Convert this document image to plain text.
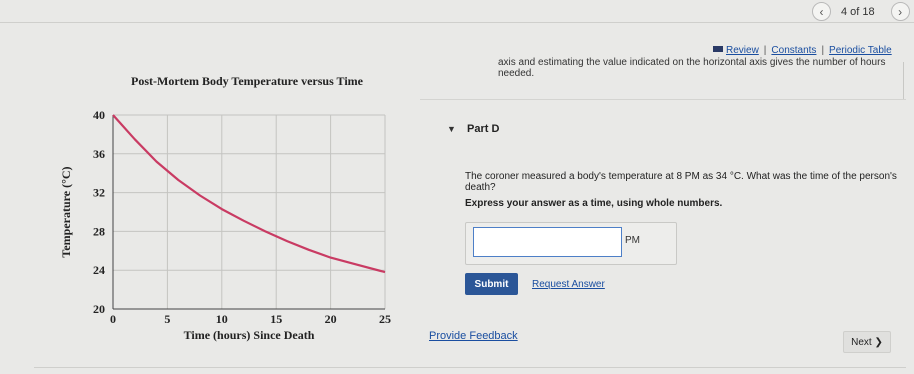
‹ 4 of 18 ›
Review | Constants | Periodic Table
axis and estimating the value indicated on the horizontal axis gives the number of hours needed.
Post-Mortem Body Temperature versus Time
20
24
28
32
36
40
0	5	10	15	20	25
Time (hours) Since Death
Temperature (°C)
▼ Part D
The coroner measured a body's temperature at 8 PM as 34 °C. What was the time of the person's death?
Express your answer as a time, using whole numbers.
PM
Submit	Request Answer
Provide Feedback	Next ❯
